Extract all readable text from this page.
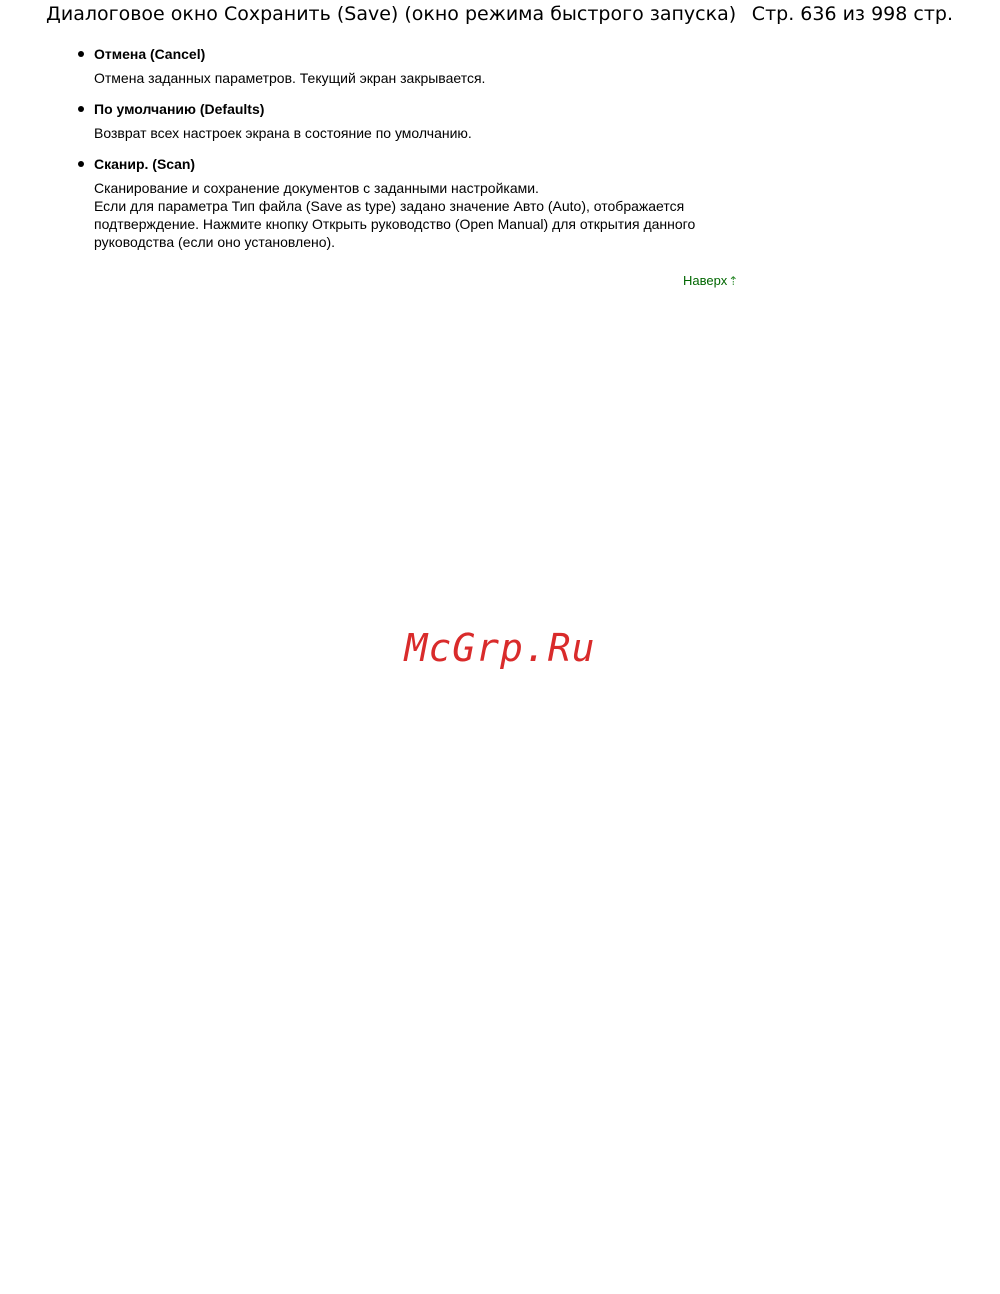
Диалоговое окно Сохранить (Save) (окно режима быстрого запуска) Стр. 636 из 998 стр.
Отмена (Cancel)
Отмена заданных параметров. Текущий экран закрывается.
По умолчанию (Defaults)
Возврат всех настроек экрана в состояние по умолчанию.
Сканир. (Scan)
Сканирование и сохранение документов с заданными настройками.
Если для параметра Тип файла (Save as type) задано значение Авто (Auto), отображается
подтверждение. Нажмите кнопку Открыть руководство (Open Manual) для открытия данного
руководства (если оно установлено).
Наверх⇡
McGrp.Ru
